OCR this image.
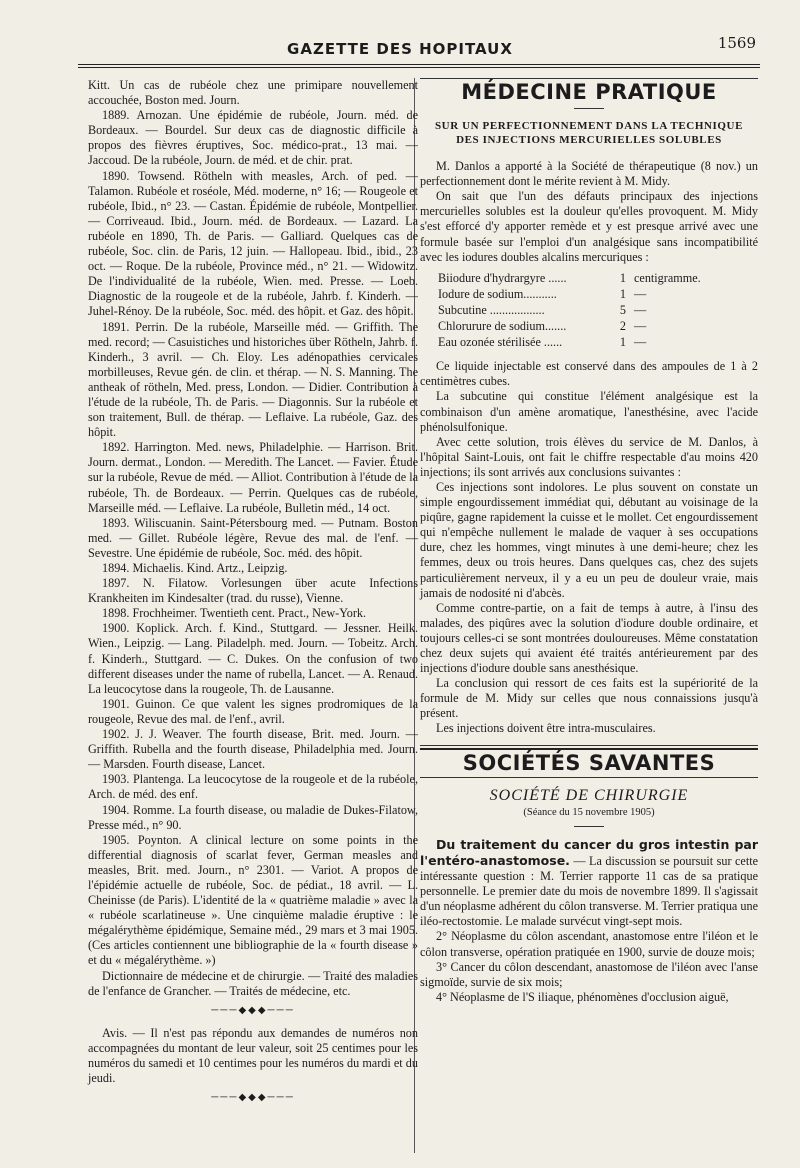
GAZETTE DES HOPITAUX	1569

Kitt. Un cas de rubéole chez une primipare nouvellement accouchée, Boston med. Journ.

1889. Arnozan. Une épidémie de rubéole, Journ. méd. de Bordeaux. — Bourdel. Sur deux cas de diagnostic difficile à propos des fièvres éruptives, Soc. médico-prat., 13 mai. — Jaccoud. De la rubéole, Journ. de méd. et de chir. prat.

1890. Towsend. Rötheln with measles, Arch. of ped. — Talamon. Rubéole et roséole, Méd. moderne, n° 16; — Rougeole et rubéole, Ibid., n° 23. — Castan. Épidémie de rubéole, Montpellier. — Corriveaud. Ibid., Journ. méd. de Bordeaux. — Lazard. La rubéole en 1890, Th. de Paris. — Galliard. Quelques cas de rubéole, Soc. clin. de Paris, 12 juin. — Hallopeau. Ibid., ibid., 23 oct. — Roque. De la rubéole, Province méd., n° 21. — Widowitz. De l'individualité de la rubéole, Wien. med. Presse. — Loeb. Diagnostic de la rougeole et de la rubéole, Jahrb. f. Kinderh. — Juhel-Rénoy. De la rubéole, Soc. méd. des hôpit. et Gaz. des hôpit.

1891. Perrin. De la rubéole, Marseille méd. — Griffith. The med. record; — Casuistiches und historiches über Rötheln, Jahrb. f. Kinderh., 3 avril. — Ch. Eloy. Les adénopathies cervicales morbilleuses, Revue gén. de clin. et thérap. — N. S. Manning. The antheak of rötheln, Med. press, London. — Didier. Contribution à l'étude de la rubéole, Th. de Paris. — Diagonnis. Sur la rubéole et son traitement, Bull. de thérap. — Leflaive. La rubéole, Gaz. des hôpit.

1892. Harrington. Med. news, Philadelphie. — Harrison. Brit. Journ. dermat., London. — Meredith. The Lancet. — Favier. Étude sur la rubéole, Revue de méd. — Alliot. Contribution à l'étude de la rubéole, Th. de Bordeaux. — Perrin. Quelques cas de rubéole, Marseille méd. — Leflaive. La rubéole, Bulletin méd., 14 oct.

1893. Wiliscuanin. Saint-Pétersbourg med. — Putnam. Boston med. — Gillet. Rubéole légère, Revue des mal. de l'enf. — Sevestre. Une épidémie de rubéole, Soc. méd. des hôpit.

1894. Michaelis. Kind. Artz., Leipzig.

1897. N. Filatow. Vorlesungen über acute Infections Krankheiten im Kindesalter (trad. du russe), Vienne.

1898. Frochheimer. Twentieth cent. Pract., New-York.

1900. Koplick. Arch. f. Kind., Stuttgard. — Jessner. Heilk. Wien., Leipzig. — Lang. Piladelph. med. Journ. — Tobeitz. Arch. f. Kinderh., Stuttgard. — C. Dukes. On the confusion of two different diseases under the name of rubella, Lancet. — A. Renaud. La leucocytose dans la rougeole, Th. de Lausanne.

1901. Guinon. Ce que valent les signes prodromiques de la rougeole, Revue des mal. de l'enf., avril.

1902. J. J. Weaver. The fourth disease, Brit. med. Journ. — Griffith. Rubella and the fourth disease, Philadelphia med. Journ. — Marsden. Fourth disease, Lancet.

1903. Plantenga. La leucocytose de la rougeole et de la rubéole, Arch. de méd. des enf.

1904. Romme. La fourth disease, ou maladie de Dukes-Filatow, Presse méd., n° 90.

1905. Poynton. A clinical lecture on some points in the differential diagnosis of scarlat fever, German measles and measles, Brit. med. Journ., n° 2301. — Variot. A propos de l'épidémie actuelle de rubéole, Soc. de pédiat., 18 avril. — L. Cheinisse (de Paris). L'identité de la « quatrième maladie » avec la « rubéole scarlatineuse ». Une cinquième maladie éruptive : le mégalérythème épidémique, Semaine méd., 29 mars et 3 mai 1905. (Ces articles contiennent une bibliographie de la « fourth disease » et du « mégalérythème. »)

Dictionnaire de médecine et de chirurgie. — Traité des maladies de l'enfance de Grancher. — Traités de médecine, etc.

───◆◆◆───

Avis. — Il n'est pas répondu aux demandes de numéros non accompagnées du montant de leur valeur, soit 25 centimes pour les numéros du samedi et 10 centimes pour les numéros du mardi et du jeudi.

───◆◆◆───
MÉDECINE PRATIQUE
SUR UN PERFECTIONNEMENT DANS LA TECHNIQUE DES INJECTIONS MERCURIELLES SOLUBLES

M. Danlos a apporté à la Société de thérapeutique (8 nov.) un perfectionnement dont le mérite revient à M. Midy.

On sait que l'un des défauts principaux des injections mercurielles solubles est la douleur qu'elles provoquent. M. Midy s'est efforcé d'y apporter remède et y est presque arrivé avec une formule basée sur l'emploi d'un analgésique sans incompatibilité avec les iodures doubles alcalins mercuriques :

Biiodure d'hydrargyre ......	1	centigramme.
Iodure de sodium...........	1	—
Subcutine ..................	5	—
Chlorurure de sodium.......	2	—
Eau ozonée stérilisée ......	1	—

Ce liquide injectable est conservé dans des ampoules de 1 à 2 centimètres cubes.

La subcutine qui constitue l'élément analgésique est la combinaison d'un amène aromatique, l'anesthésine, avec l'acide phénolsulfonique.

Avec cette solution, trois élèves du service de M. Danlos, à l'hôpital Saint-Louis, ont fait le chiffre respectable d'au moins 420 injections; ils sont arrivés aux conclusions suivantes :

Ces injections sont indolores. Le plus souvent on constate un simple engourdissement immédiat qui, débutant au voisinage de la piqûre, gagne rapidement la cuisse et le mollet. Cet engourdissement qui n'empêche nullement le malade de vaquer à ses occupations dure, chez les hommes, vingt minutes à une demi-heure; chez les femmes, deux ou trois heures. Dans quelques cas, chez des sujets particulièrement nerveux, il y a eu un peu de douleur vraie, mais jamais de nodosité ni d'abcès.

Comme contre-partie, on a fait de temps à autre, à l'insu des malades, des piqûres avec la solution d'iodure double ordinaire, et toujours celles-ci se sont montrées douloureuses. Même constatation chez deux sujets qui avaient été traités antérieurement par des injections d'iodure double sans anesthésique.

La conclusion qui ressort de ces faits est la supériorité de la formule de M. Midy sur celles que nous connaissions jusqu'à présent.

Les injections doivent être intra-musculaires.

SOCIÉTÉS SAVANTES
SOCIÉTÉ DE CHIRURGIE
(Séance du 15 novembre 1905)

Du traitement du cancer du gros intestin par l'entéro-anastomose. — La discussion se poursuit sur cette intéressante question : M. Terrier rapporte 11 cas de sa pratique personnelle. Le premier date du mois de novembre 1899. Il s'agissait d'un néoplasme adhérent du côlon transverse. M. Terrier pratiqua une iléo-rectostomie. Le malade survécut vingt-sept mois.

2° Néoplasme du côlon ascendant, anastomose entre l'iléon et le côlon transverse, opération pratiquée en 1900, survie de douze mois;

3° Cancer du côlon descendant, anastomose de l'iléon avec l'anse sigmoïde, survie de six mois;

4° Néoplasme de l'S iliaque, phénomènes d'occlusion aiguë,
